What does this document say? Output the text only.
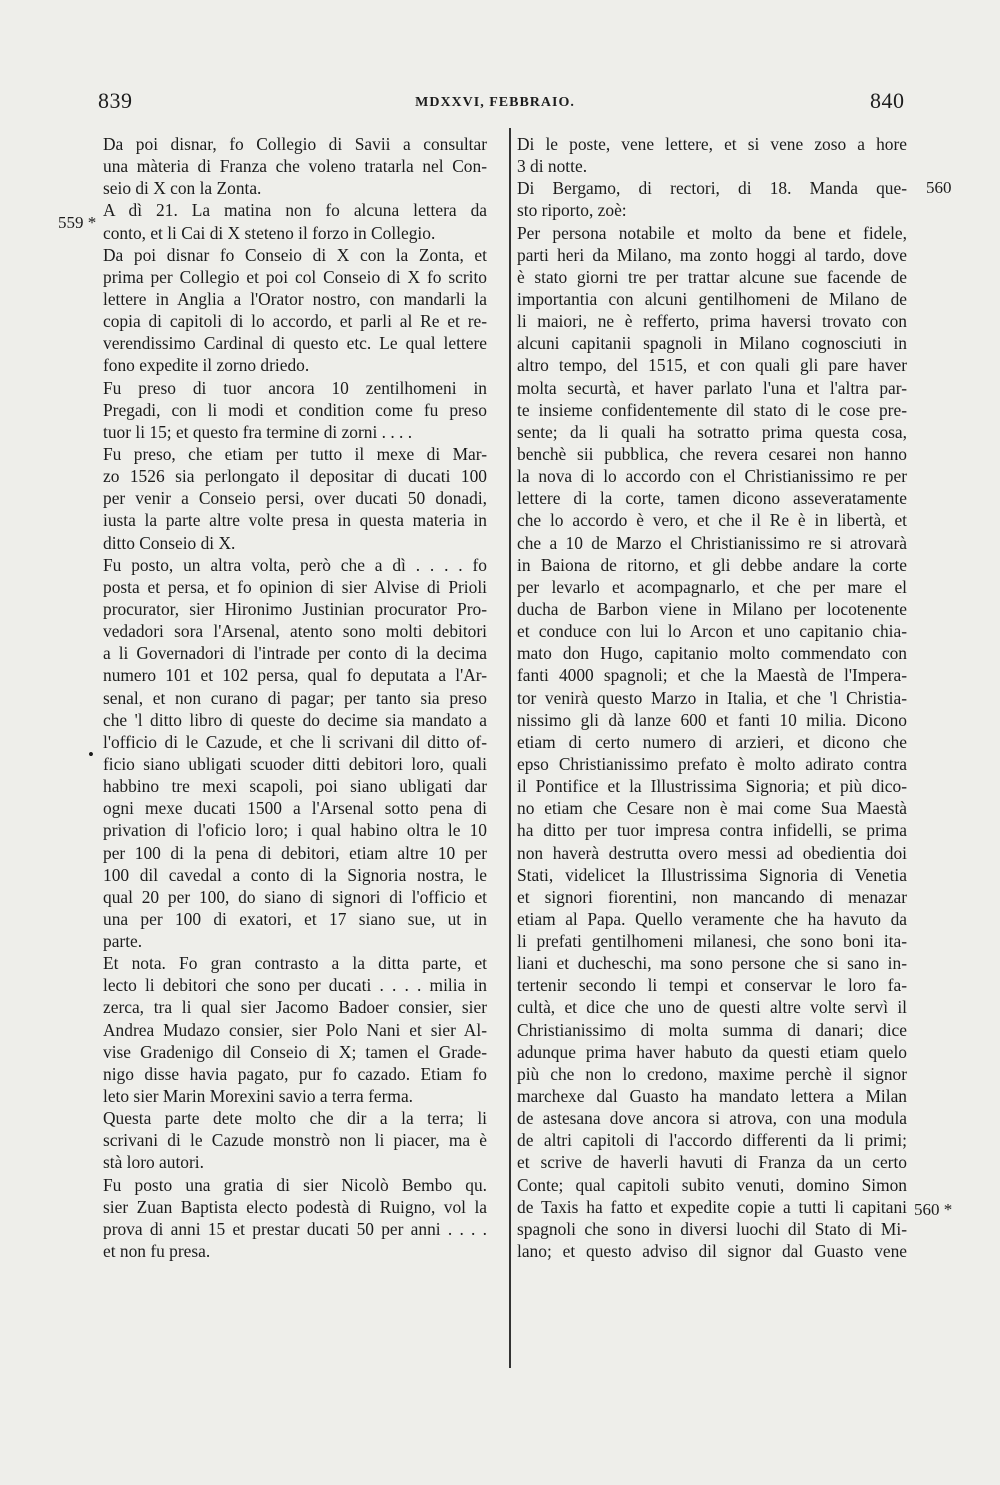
839	MDXXVI, FEBBRAIO.	840
559 *
•
560
560 *
Da poi disnar, fo Collegio di Savii a consultar
una màteria di Franza che voleno tratarla nel Con-
seio di X con la Zonta.
A dì 21. La matina non fo alcuna lettera da
conto, et li Cai di X steteno il forzo in Collegio.
Da poi disnar fo Conseio di X con la Zonta, et
prima per Collegio et poi col Conseio di X fo scrito
lettere in Anglia a l'Orator nostro, con mandarli la
copia di capitoli di lo accordo, et parli al Re et re-
verendissimo Cardinal di questo etc. Le qual lettere
fono expedite il zorno driedo.
Fu preso di tuor ancora 10 zentilhomeni in
Pregadi, con li modi et condition come fu preso
tuor li 15; et questo fra termine di zorni . . . .
Fu preso, che etiam per tutto il mexe di Mar-
zo 1526 sia perlongato il depositar di ducati 100
per venir a Conseio persi, over ducati 50 donadi,
iusta la parte altre volte presa in questa materia in
ditto Conseio di X.
Fu posto, un altra volta, però che a dì . . . . fo
posta et persa, et fo opinion di sier Alvise di Prioli
procurator, sier Hironimo Justinian procurator Pro-
vedadori sora l'Arsenal, atento sono molti debitori
a li Governadori di l'intrade per conto di la decima
numero 101 et 102 persa, qual fo deputata a l'Ar-
senal, et non curano di pagar; per tanto sia preso
che 'l ditto libro di queste do decime sia mandato a
l'officio di le Cazude, et che li scrivani dil ditto of-
ficio siano ubligati scuoder ditti debitori loro, quali
habbino tre mexi scapoli, poi siano ubligati dar
ogni mexe ducati 1500 a l'Arsenal sotto pena di
privation di l'oficio loro; i qual habino oltra le 10
per 100 di la pena di debitori, etiam altre 10 per
100 dil cavedal a conto di la Signoria nostra, le
qual 20 per 100, do siano di signori di l'officio et
una per 100 di exatori, et 17 siano sue, ut in
parte.
Et nota. Fo gran contrasto a la ditta parte, et
lecto li debitori che sono per ducati . . . . milia in
zerca, tra li qual sier Jacomo Badoer consier, sier
Andrea Mudazo consier, sier Polo Nani et sier Al-
vise Gradenigo dil Conseio di X; tamen el Grade-
nigo disse havia pagato, pur fo cazado. Etiam fo
leto sier Marin Morexini savio a terra ferma.
Questa parte dete molto che dir a la terra; li
scrivani di le Cazude monstrò non li piacer, ma è
stà loro autori.
Fu posto una gratia di sier Nicolò Bembo qu.
sier Zuan Baptista electo podestà di Ruigno, vol la
prova di anni 15 et prestar ducati 50 per anni . . . .
et non fu presa.
Di le poste, vene lettere, et si vene zoso a hore
3 di notte.
Di Bergamo, di rectori, di 18. Manda que-
sto riporto, zoè:
Per persona notabile et molto da bene et fidele,
parti heri da Milano, ma zonto hoggi al tardo, dove
è stato giorni tre per trattar alcune sue facende de
importantia con alcuni gentilhomeni de Milano de
li maiori, ne è refferto, prima haversi trovato con
alcuni capitanii spagnoli in Milano cognosciuti in
altro tempo, del 1515, et con quali gli pare haver
molta securtà, et haver parlato l'una et l'altra par-
te insieme confidentemente dil stato di le cose pre-
sente; da li quali ha sotratto prima questa cosa,
benchè sii pubblica, che revera cesarei non hanno
la nova di lo accordo con el Christianissimo re per
lettere di la corte, tamen dicono asseveratamente
che lo accordo è vero, et che il Re è in libertà, et
che a 10 de Marzo el Christianissimo re si atrovarà
in Baiona de ritorno, et gli debbe andare la corte
per levarlo et acompagnarlo, et che per mare el
ducha de Barbon viene in Milano per locotenente
et conduce con lui lo Arcon et uno capitanio chia-
mato don Hugo, capitanio molto commendato con
fanti 4000 spagnoli; et che la Maestà de l'Impera-
tor venirà questo Marzo in Italia, et che 'l Christia-
nissimo gli dà lanze 600 et fanti 10 milia. Dicono
etiam di certo numero di arzieri, et dicono che
epso Christianissimo prefato è molto adirato contra
il Pontifice et la Illustrissima Signoria; et più dico-
no etiam che Cesare non è mai come Sua Maestà
ha ditto per tuor impresa contra infidelli, se prima
non haverà destrutta overo messi ad obedientia doi
Stati, videlicet la Illustrissima Signoria di Venetia
et signori fiorentini, non mancando di menazar
etiam al Papa. Quello veramente che ha havuto da
li prefati gentilhomeni milanesi, che sono boni ita-
liani et ducheschi, ma sono persone che si sano in-
tertenir secondo li tempi et conservar le loro fa-
cultà, et dice che uno de questi altre volte servì il
Christianissimo di molta summa di danari; dice
adunque prima haver habuto da questi etiam quelo
più che non lo credono, maxime perchè il signor
marchexe dal Guasto ha mandato lettera a Milan
de astesana dove ancora si atrova, con una modula
de altri capitoli di l'accordo differenti da li primi;
et scrive de haverli havuti di Franza da un certo
Conte; qual capitoli subito venuti, domino Simon
de Taxis ha fatto et expedite copie a tutti li capitani
spagnoli che sono in diversi luochi dil Stato di Mi-
lano; et questo adviso dil signor dal Guasto vene
